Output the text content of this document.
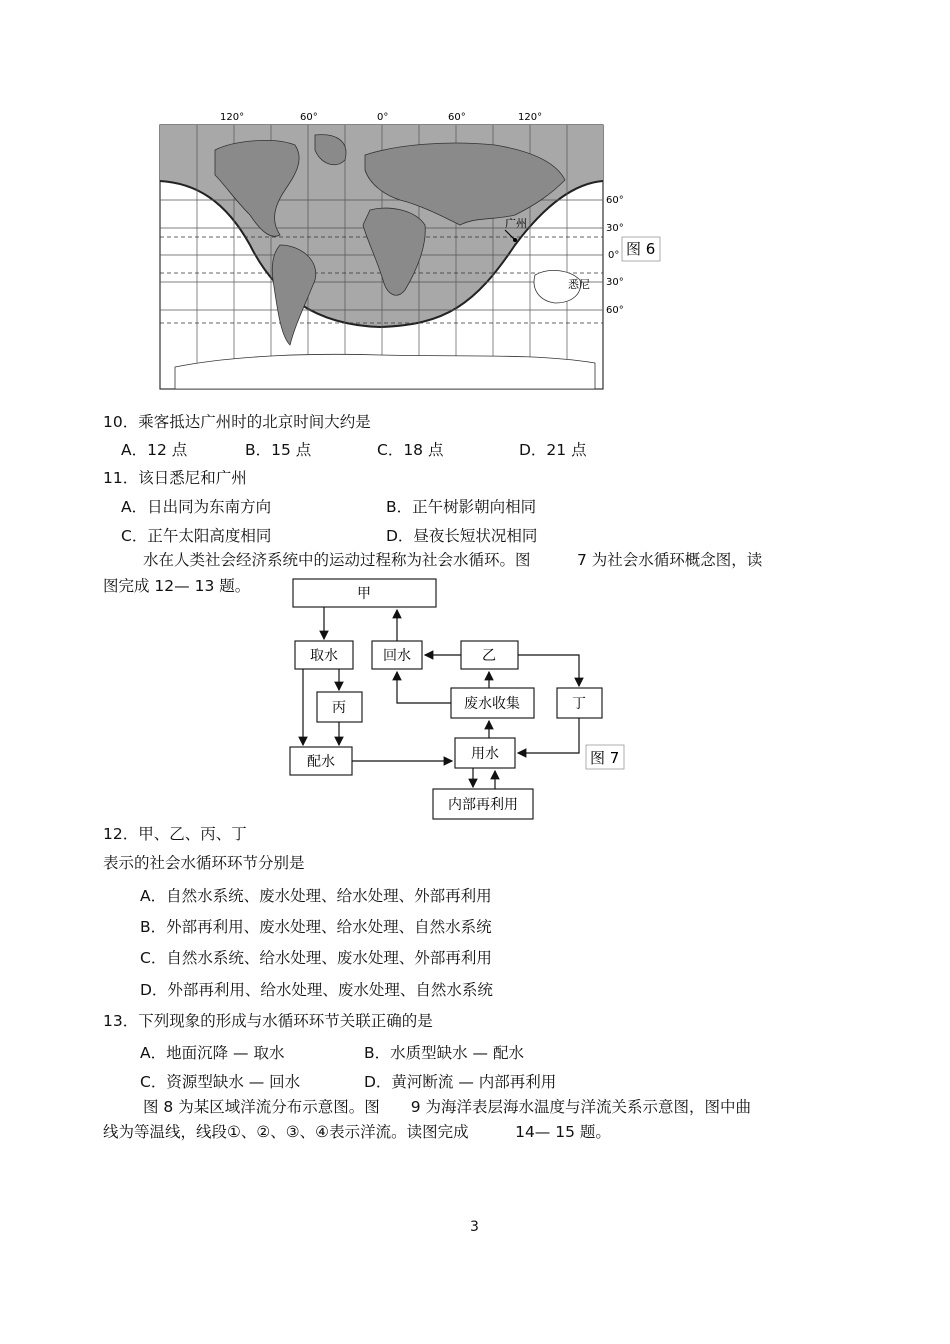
广州
悉尼
120°	60°	0°	60°	120°
60°
30°
0°
30°
60°
图 6
10．乘客抵达广州时的北京时间大约是
A．12 点	B．15 点	C．18 点	D．21 点
11．该日悉尼和广州
A．日出同为东南方向	B．正午树影朝向相同
C．正午太阳高度相同	D．昼夜长短状况相同
水在人类社会经济系统中的运动过程称为社会水循环。图　　　7 为社会水循环概念图，读
图完成 12— 13 题。	甲
取水	回水	乙
丙	废水收集	丁
配水	用水
内部再利用
图 7
12．甲、乙、丙、丁
表示的社会水循环环节分别是
A．自然水系统、废水处理、给水处理、外部再利用
B．外部再利用、废水处理、给水处理、自然水系统
C．自然水系统、给水处理、废水处理、外部再利用
D．外部再利用、给水处理、废水处理、自然水系统
13．下列现象的形成与水循环环节关联正确的是
A．地面沉降 — 取水	B．水质型缺水 — 配水
C．资源型缺水 — 回水	D．黄河断流 — 内部再利用
图 8 为某区域洋流分布示意图。图　　9 为海洋表层海水温度与洋流关系示意图，图中曲
线为等温线，线段①、②、③、④表示洋流。读图完成　　　14— 15 题。
3
